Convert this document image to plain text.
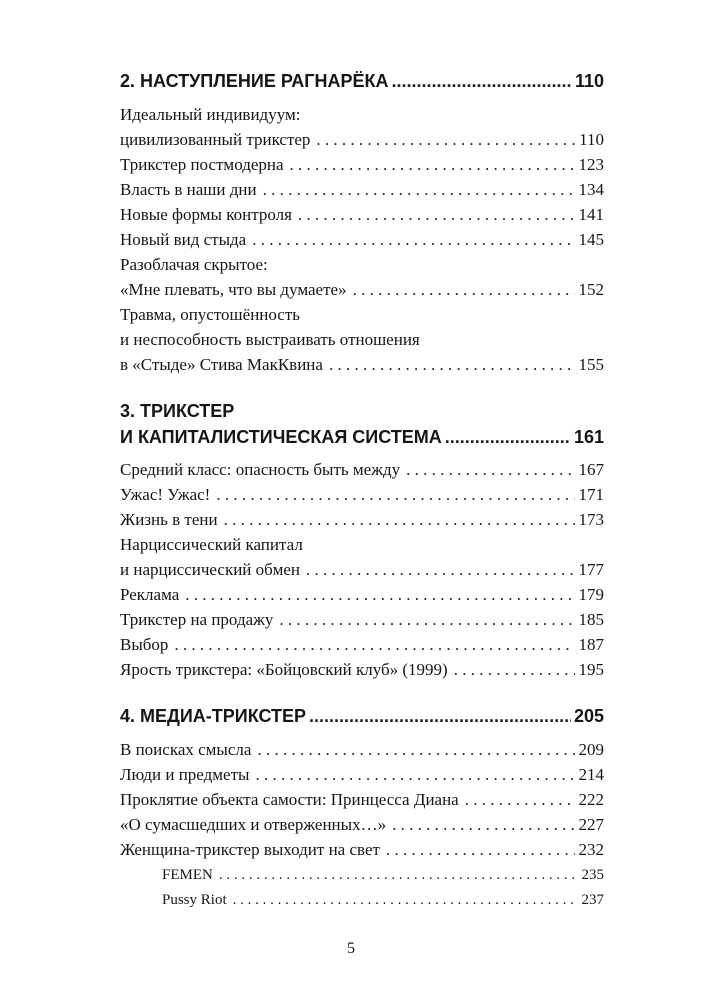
2. НАСТУПЛЕНИЕ РАГНАРЁКА .....	110
Идеальный индивидуум:
цивилизованный трикстер . . .	110
Трикстер постмодерна . . .	123
Власть в наши дни . . .	134
Новые формы контроля . . .	141
Новый вид стыда . . .	145
Разоблачая скрытое:
«Мне плевать, что вы думаете» . . .	152
Травма, опустошённость
и неспособность выстраивать отношения
в «Стыде» Стива МакКвина . . .	155
3. ТРИКСТЕР
И КАПИТАЛИСТИЧЕСКАЯ СИСТЕМА .....	161
Средний класс: опасность быть между . . .	167
Ужас! Ужас! . . .	171
Жизнь в тени . . .	173
Нарциссический капитал
и нарциссический обмен . . .	177
Реклама . . .	179
Трикстер на продажу . . .	185
Выбор . . .	187
Ярость трикстера: «Бойцовский клуб» (1999) . . .	195
4. МЕДИА-ТРИКСТЕР .....	205
В поисках смысла . . .	209
Люди и предметы . . .	214
Проклятие объекта самости: Принцесса Диана . . .	222
«О сумасшедших и отверженных…» . . .	227
Женщина-трикстер выходит на свет . . .	232
FEMEN . . .	235
Pussy Riot . . .	237
5
